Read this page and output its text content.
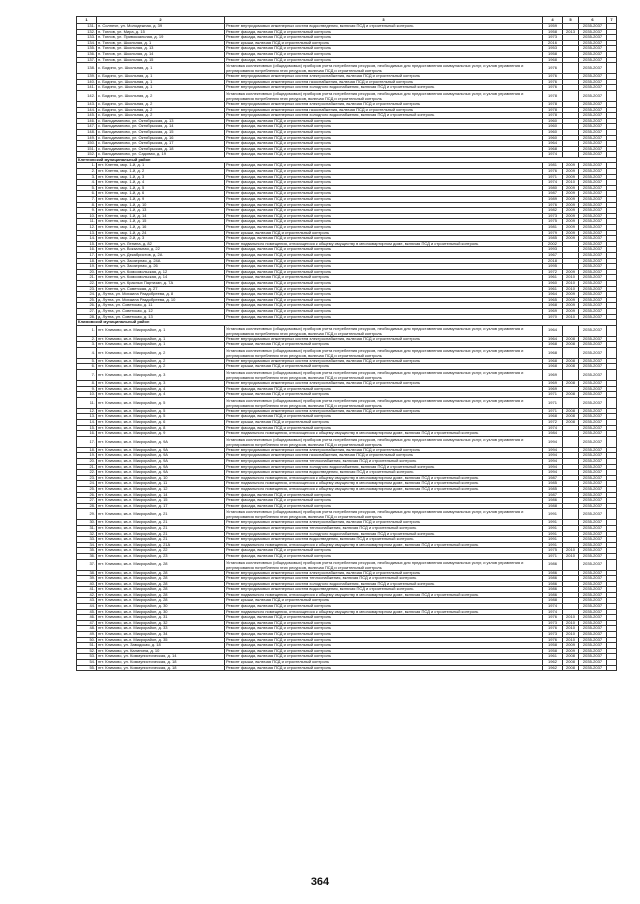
1	2	3	4	5	6	7
131.	п. Солнечн, ул. Молодежная, д. 39	Ремонт внутридомовых инженерных систем водоотведения, включая ПСД и строительный контроль	1959		2035-2037	
132.	п. Тяглов, ул. Мира, д. 15	Ремонт фасада, включая ПСД и строительный контроль	1958	2013	2035-2037	
133.	п. Тяглов, ул. Привокзальная, д. 19	Ремонт фасада, включая ПСД и строительный контроль	1973		2035-2037	
134.	п. Тяглов, ул. Школьная, д. 1	Ремонт крыши, включая ПСД и строительный контроль	2016		2035-2037	
135.	п. Тяглов, ул. Школьная, д. 13	Ремонт фасада, включая ПСД и строительный контроль	1953		2035-2037	
136.	п. Тяглов, ул. Школьная, д. 14	Ремонт фасада, включая ПСД и строительный контроль	1958		2035-2037	
137.	п. Тяглов, ул. Школьная, д. 15	Ремонт фасада, включая ПСД и строительный контроль	1968		2035-2037	
138.	с. Бодино, ул. Школьная, д. 1	Установка коллективных (общедомовых) приборов учета потребления ресурсов, необходимых для предоставления коммунальных услуг, и узлов управления и регулирования потребления этих ресурсов, включая ПСД и строительный контроль	1976		2035-2037	
139.	с. Бодино, ул. Школьная, д. 1	Ремонт внутридомовых инженерных систем электроснабжения, включая ПСД и строительный контроль	1976		2035-2037	
140.	с. Бодино, ул. Школьная, д. 1	Ремонт внутридомовых инженерных систем газоснабжения, включая ПСД и строительный контроль	1976		2035-2037	
141.	с. Бодино, ул. Школьная, д. 1	Ремонт внутридомовых инженерных систем холодного водоснабжения, включая ПСД и строительный контроль	1976		2035-2037	
142.	с. Бодино, ул. Школьная, д. 2	Установка коллективных (общедомовых) приборов учета потребления ресурсов, необходимых для предоставления коммунальных услуг, и узлов управления и регулирования потребления этих ресурсов, включая ПСД и строительный контроль	1978		2035-2037	
143.	с. Бодино, ул. Школьная, д. 2	Ремонт внутридомовых инженерных систем электроснабжения, включая ПСД и строительный контроль	1978		2035-2037	
144.	с. Бодино, ул. Школьная, д. 2	Ремонт внутридомовых инженерных систем газоснабжения, включая ПСД и строительный контроль	1978		2035-2037	
145.	с. Бодино, ул. Школьная, д. 2	Ремонт внутридомовых инженерных систем холодного водоснабжения, включая ПСД и строительный контроль	1978		2035-2037	
146.	с. Вальдиманово, ул. Октябрьская, д. 13	Ремонт фасада, включая ПСД и строительный контроль	1960		2035-2037	
147.	с. Вальдиманово, ул. Октябрьская, д. 14	Ремонт фасада, включая ПСД и строительный контроль	1960		2035-2037	
148.	с. Вальдиманово, ул. Октябрьская, д. 15	Ремонт фасада, включая ПСД и строительный контроль	1960		2035-2037	
149.	с. Вальдиманово, ул. Октябрьская, д. 16	Ремонт фасада, включая ПСД и строительный контроль	1960		2035-2037	
150.	с. Вальдиманово, ул. Октябрьская, д. 17	Ремонт фасада, включая ПСД и строительный контроль	1964		2035-2037	
151.	с. Вальдиманово, ул. Октябрьская, д. 18	Ремонт фасада, включая ПСД и строительный контроль	1968		2035-2037	
152.	с. Вальдиманово, ул. Садовая, д. 19	Ремонт фасада, включая ПСД и строительный контроль	1974		2035-2037	
Клетнянский муниципальный район						
1.	пгт. Клетня, мкр. 1-й, д. 1	Ремонт фасада, включая ПСД и строительный контроль	1981	2009	2035-2037	
2.	пгт. Клетня, мкр. 1-й, д. 2	Ремонт фасада, включая ПСД и строительный контроль	1976	2009	2035-2037	
3.	пгт. Клетня, мкр. 1-й, д. 3	Ремонт фасада, включая ПСД и строительный контроль	1971	2009	2035-2037	
4.	пгт. Клетня, мкр. 1-й, д. 4	Ремонт фасада, включая ПСД и строительный контроль	1974	2010	2035-2037	
5.	пгт. Клетня, мкр. 1-й, д. 5	Ремонт фасада, включая ПСД и строительный контроль	1980	2009	2035-2037	
6.	пгт. Клетня, мкр. 1-й, д. 6	Ремонт фасада, включая ПСД и строительный контроль	1987	2009	2035-2037	
7.	пгт. Клетня, мкр. 1-й, д. 9	Ремонт фасада, включая ПСД и строительный контроль	1989	2009	2035-2037	
8.	пгт. Клетня, мкр. 1-й, д. 10	Ремонт фасада, включая ПСД и строительный контроль	1976	2009	2035-2037	
9.	пгт. Клетня, мкр. 1-й, д. 13	Ремонт фасада, включая ПСД и строительный контроль	1982	2009	2035-2037	
10.	пгт. Клетня, мкр. 1-й, д. 14	Ремонт фасада, включая ПСД и строительный контроль	1973	2009	2035-2037	
11.	пгт. Клетня, мкр. 1-й, д. 15	Ремонт фасада, включая ПСД и строительный контроль	1975	2009	2035-2037	
12.	пгт. Клетня, мкр. 1-й, д. 16	Ремонт фасада, включая ПСД и строительный контроль	1981	2009	2035-2037	
13.	пгт. Клетня, мкр. 1-й, д. 24	Ремонт крыши, включая ПСД и строительный контроль	1979	2009	2035-2037	
14.	пгт. Клетня, мкр. 2-й, д. 3	Ремонт фасада, включая ПСД и строительный контроль	1985	2009	2035-2037	
15.	пгт. Клетня, ул. Ленина, д. 82	Ремонт подвального помещения, относящегося к общему имуществу в многоквартирном доме, включая ПСД и строительный контроль	2002		2035-2037	
16.	пгт. Клетня, ул. Вокзальная, д. 22	Ремонт фасада, включая ПСД и строительный контроль	1993		2035-2037	
17.	пгт. Клетня, ул. Декабристов, д. 2А	Ремонт фасада, включая ПСД и строительный контроль	1967		2035-2037	
18.	пгт. Клетня, ул. Заозерная, д. 24А	Ремонт фасада, включая ПСД и строительный контроль	2018		2035-2037	
19.	пгт. Клетня, ул. Заозерная, д. 26	Ремонт фасада, включая ПСД и строительный контроль	1995		2035-2037	
20.	пгт. Клетня, ул. Комсомольская, д. 12	Ремонт фасада, включая ПСД и строительный контроль	1972	2009	2035-2037	
21.	пгт. Клетня, ул. Комсомольская, д. 14	Ремонт крыши, включая ПСД и строительный контроль	1961	2010	2035-2037	
22.	пгт. Клетня, ул. Красных Партизан, д. 7А	Ремонт фасада, включая ПСД и строительный контроль	1960	2010	2035-2037	
23.	пгт. Клетня, ул. Советская, д. 27	Ремонт фасада, включая ПСД и строительный контроль	1961	2010	2035-2037	
24.	д. Лутна, ул. Михаила Раздобреева, д. 8	Ремонт фасада, включая ПСД и строительный контроль	1964	2009	2035-2037	
25.	д. Лутна, ул. Михаила Раздобреева, д. 10	Ремонт фасада, включая ПСД и строительный контроль	1965	2009	2035-2037	
26.	д. Лутна, ул. Советская, д. 11	Ремонт фасада, включая ПСД и строительный контроль	1968	2009	2035-2037	
27.	д. Лутна, ул. Советская, д. 12	Ремонт фасада, включая ПСД и строительный контроль	1969	2009	2035-2037	
28.	д. Лутна, ул. Советская, д. 13	Ремонт фасада, включая ПСД и строительный контроль	1970	2010	2035-2037	
Климовский муниципальный район						
1.	пгт. Климово, кв-л. Микрорайон, д. 1	Установка коллективных (общедомовых) приборов учета потребления ресурсов, необходимых для предоставления коммунальных услуг, и узлов управления и регулирования потребления этих ресурсов, включая ПСД и строительный контроль	1964		2035-2037	
2.	пгт. Климово, кв-л. Микрорайон, д. 1	Ремонт внутридомовых инженерных систем электроснабжения, включая ПСД и строительный контроль	1964	2008	2035-2037	
3.	пгт. Климово, кв-л. Микрорайон, д. 1	Ремонт крыши, включая ПСД и строительный контроль	1968	2008	2035-2037	
4.	пгт. Климово, кв-л. Микрорайон, д. 2	Установка коллективных (общедомовых) приборов учета потребления ресурсов, необходимых для предоставления коммунальных услуг, и узлов управления и регулирования потребления этих ресурсов, включая ПСД и строительный контроль	1968		2035-2037	
5.	пгт. Климово, кв-л. Микрорайон, д. 2	Ремонт внутридомовых инженерных систем электроснабжения, включая ПСД и строительный контроль	1968	2008	2035-2037	
6.	пгт. Климово, кв-л. Микрорайон, д. 2	Ремонт крыши, включая ПСД и строительный контроль	1968	2008	2035-2037	
7.	пгт. Климово, кв-л. Микрорайон, д. 3	Установка коллективных (общедомовых) приборов учета потребления ресурсов, необходимых для предоставления коммунальных услуг, и узлов управления и регулирования потребления этих ресурсов, включая ПСД и строительный контроль	1969		2035-2037	
8.	пгт. Климово, кв-л. Микрорайон, д. 3	Ремонт внутридомовых инженерных систем электроснабжения, включая ПСД и строительный контроль	1969	2008	2035-2037	
9.	пгт. Климово, кв-л. Микрорайон, д. 4	Ремонт фасада, включая ПСД и строительный контроль	1969		2035-2037	
10.	пгт. Климово, кв-л. Микрорайон, д. 4	Ремонт крыши, включая ПСД и строительный контроль	1971	2008	2035-2037	
11.	пгт. Климово, кв-л. Микрорайон, д. 5	Установка коллективных (общедомовых) приборов учета потребления ресурсов, необходимых для предоставления коммунальных услуг, и узлов управления и регулирования потребления этих ресурсов, включая ПСД и строительный контроль	1971		2035-2037	
12.	пгт. Климово, кв-л. Микрорайон, д. 5	Ремонт внутридомовых инженерных систем электроснабжения, включая ПСД и строительный контроль	1971	2008	2035-2037	
13.	пгт. Климово, кв-л. Микрорайон, д. 5	Ремонт фасада, включая ПСД и строительный контроль	1968	2008	2035-2037	
14.	пгт. Климово, кв-л. Микрорайон, д. 6	Ремонт крыши, включая ПСД и строительный контроль	1972	2008	2035-2037	
15.	пгт. Климово, кв-л. Микрорайон, д. 8	Ремонт фасада, включая ПСД и строительный контроль	1974		2035-2037	
16.	пгт. Климово, кв-л. Микрорайон, д. 9	Ремонт подвального помещения, относящегося к общему имуществу в многоквартирном доме, включая ПСД и строительный контроль	1984		2035-2037	
17.	пгт. Климово, кв-л. Микрорайон, д. 9А	Установка коллективных (общедомовых) приборов учета потребления ресурсов, необходимых для предоставления коммунальных услуг, и узлов управления и регулирования потребления этих ресурсов, включая ПСД и строительный контроль	1994		2035-2037	
18.	пгт. Климово, кв-л. Микрорайон, д. 9А	Ремонт внутридомовых инженерных систем электроснабжения, включая ПСД и строительный контроль	1994		2035-2037	
19.	пгт. Климово, кв-л. Микрорайон, д. 9А	Ремонт внутридомовых инженерных систем газоснабжения, включая ПСД и строительный контроль	1994		2035-2037	
20.	пгт. Климово, кв-л. Микрорайон, д. 9А	Ремонт внутридомовых инженерных систем теплоснабжения, включая ПСД и строительный контроль	1994		2035-2037	
21.	пгт. Климово, кв-л. Микрорайон, д. 9А	Ремонт внутридомовых инженерных систем холодного водоснабжения, включая ПСД и строительный контроль	1994		2035-2037	
22.	пгт. Климово, кв-л. Микрорайон, д. 9А	Ремонт внутридомовых инженерных систем водоотведения, включая ПСД и строительный контроль	1994		2035-2037	
23.	пгт. Климово, кв-л. Микрорайон, д. 10	Ремонт подвального помещения, относящегося к общему имуществу в многоквартирном доме, включая ПСД и строительный контроль	1987		2035-2037	
24.	пгт. Климово, кв-л. Микрорайон, д. 11	Ремонт подвального помещения, относящегося к общему имуществу в многоквартирном доме, включая ПСД и строительный контроль	1985		2035-2037	
25.	пгт. Климово, кв-л. Микрорайон, д. 12	Ремонт подвального помещения, относящегося к общему имуществу в многоквартирном доме, включая ПСД и строительный контроль	1985		2035-2037	
26.	пгт. Климово, кв-л. Микрорайон, д. 14	Ремонт фасада, включая ПСД и строительный контроль	1987		2035-2037	
27.	пгт. Климово, кв-л. Микрорайон, д. 15	Ремонт фасада, включая ПСД и строительный контроль	1986		2035-2037	
28.	пгт. Климово, кв-л. Микрорайон, д. 17	Ремонт фасада, включая ПСД и строительный контроль	1988		2035-2037	
29.	пгт. Климово, кв-л. Микрорайон, д. 21	Установка коллективных (общедомовых) приборов учета потребления ресурсов, необходимых для предоставления коммунальных услуг, и узлов управления и регулирования потребления этих ресурсов, включая ПСД и строительный контроль	1991		2035-2037	
30.	пгт. Климово, кв-л. Микрорайон, д. 21	Ремонт внутридомовых инженерных систем электроснабжения, включая ПСД и строительный контроль	1991		2035-2037	
31.	пгт. Климово, кв-л. Микрорайон, д. 21	Ремонт внутридомовых инженерных систем теплоснабжения, включая ПСД и строительный контроль	1991		2035-2037	
32.	пгт. Климово, кв-л. Микрорайон, д. 21	Ремонт внутридомовых инженерных систем холодного водоснабжения, включая ПСД и строительный контроль	1991		2035-2037	
33.	пгт. Климово, кв-л. Микрорайон, д. 21	Ремонт внутридомовых инженерных систем водоотведения, включая ПСД и строительный контроль	1991		2035-2037	
34.	пгт. Климово, кв-л. Микрорайон, д. 21А	Ремонт подвального помещения, относящегося к общему имуществу в многоквартирном доме, включая ПСД и строительный контроль	1991		2035-2037	
35.	пгт. Климово, кв-л. Микрорайон, д. 22	Ремонт фасада, включая ПСД и строительный контроль	1975	2010	2035-2037	
36.	пгт. Климово, кв-л. Микрорайон, д. 23	Ремонт фасада, включая ПСД и строительный контроль	1971	2010	2035-2037	
37.	пгт. Климово, кв-л. Микрорайон, д. 28	Установка коллективных (общедомовых) приборов учета потребления ресурсов, необходимых для предоставления коммунальных услуг, и узлов управления и регулирования потребления этих ресурсов, включая ПСД и строительный контроль	1986		2035-2037	
38.	пгт. Климово, кв-л. Микрорайон, д. 28	Ремонт внутридомовых инженерных систем электроснабжения, включая ПСД и строительный контроль	1986		2035-2037	
39.	пгт. Климово, кв-л. Микрорайон, д. 28	Ремонт внутридомовых инженерных систем теплоснабжения, включая ПСД и строительный контроль	1986		2035-2037	
40.	пгт. Климово, кв-л. Микрорайон, д. 28	Ремонт внутридомовых инженерных систем холодного водоснабжения, включая ПСД и строительный контроль	1986		2035-2037	
41.	пгт. Климово, кв-л. Микрорайон, д. 28	Ремонт внутридомовых инженерных систем водоотведения, включая ПСД и строительный контроль	1986		2035-2037	
42.	пгт. Климово, кв-л. Микрорайон, д. 28	Ремонт подвального помещения, относящегося к общему имуществу в многоквартирном доме, включая ПСД и строительный контроль	1986		2035-2037	
43.	пгт. Климово, кв-л. Микрорайон, д. 28	Ремонт крыши, включая ПСД и строительный контроль	1988		2035-2037	
44.	пгт. Климово, кв-л. Микрорайон, д. 30	Ремонт фасада, включая ПСД и строительный контроль	1974		2035-2037	
45.	пгт. Климово, кв-л. Микрорайон, д. 30	Ремонт подвального помещения, относящегося к общему имуществу в многоквартирном доме, включая ПСД и строительный контроль	1974		2035-2037	
46.	пгт. Климово, кв-л. Микрорайон, д. 31	Ремонт фасада, включая ПСД и строительный контроль	1976	2010	2035-2037	
47.	пгт. Климово, кв-л. Микрорайон, д. 32	Ремонт фасада, включая ПСД и строительный контроль	1973	2010	2035-2037	
48.	пгт. Климово, кв-л. Микрорайон, д. 33	Ремонт фасада, включая ПСД и строительный контроль	1976	2010	2035-2037	
49.	пгт. Климово, кв-л. Микрорайон, д. 34	Ремонт фасада, включая ПСД и строительный контроль	1973	2010	2035-2037	
50.	пгт. Климово, кв-л. Микрорайон, д. 35	Ремонт фасада, включая ПСД и строительный контроль	1976	2010	2035-2037	
51.	пгт. Климово, ул. Заводская, д. 18	Ремонт фасада, включая ПСД и строительный контроль	1958	2009	2035-2037	
52.	пгт. Климово, ул. Калинина, д. 10	Ремонт фасада, включая ПСД и строительный контроль	1958	2009	2035-2037	
53.	пгт. Климово, ул. Коммунистическая, д. 14	Ремонт фасада, включая ПСД и строительный контроль	1961	2008	2035-2037	
54.	пгт. Климово, ул. Коммунистическая, д. 18	Ремонт крыши, включая ПСД и строительный контроль	1962	2008	2035-2037	
55.	пгт. Климово, ул. Коммунистическая, д. 18	Ремонт фасада, включая ПСД и строительный контроль	1962	2008	2035-2037	
364
